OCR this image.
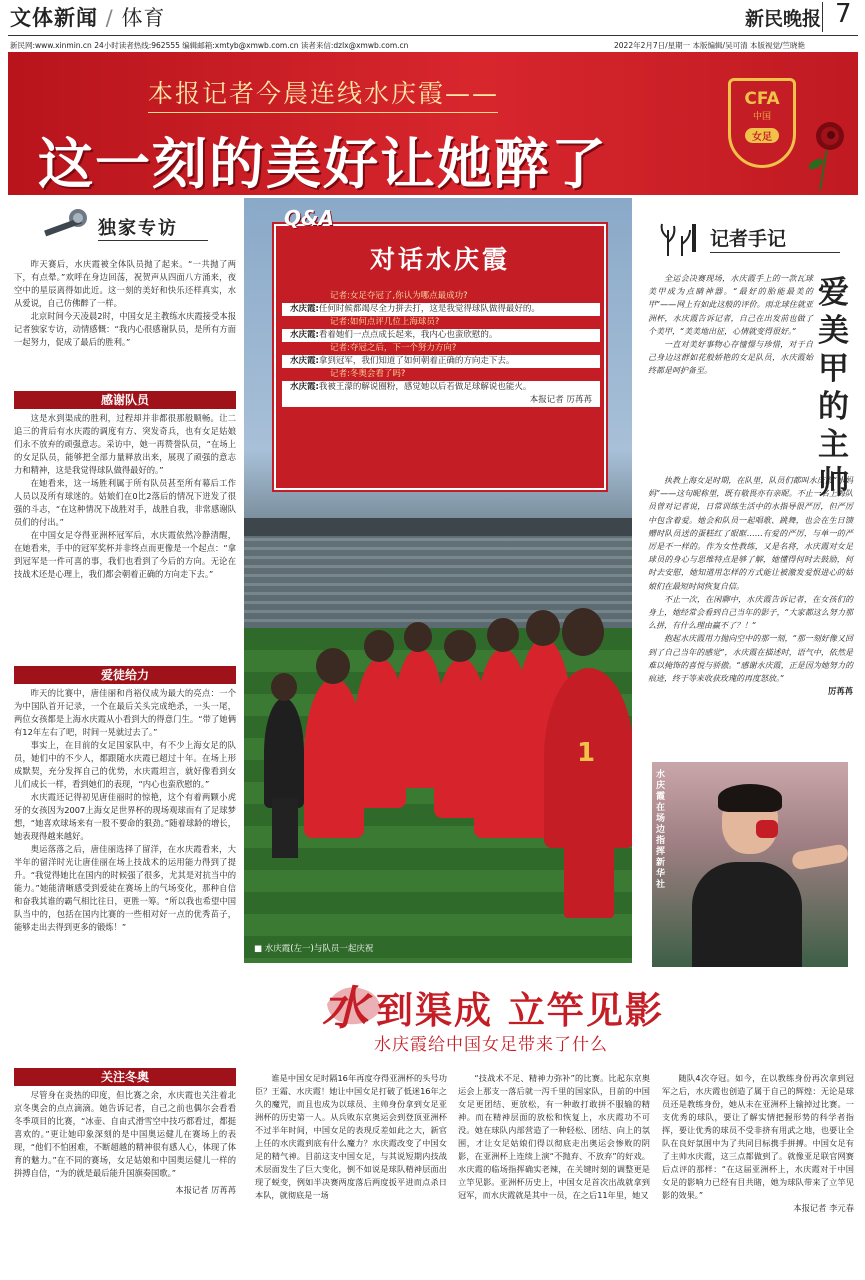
文体新闻 / 体育	新民晚报 7
新民网:www.xinmin.cn 24小时读者热线:962555 编辑邮箱:xmtyb@xmwb.com.cn 读者来信:dzlx@xmwb.com.cn	2022年2月7日/星期一 本版编辑/吴可清 本版视觉/竺晓艳
本报记者今晨连线水庆霞——
这一刻的美好让她醉了
CFA
中国
女足
独家专访

昨天赛后，水庆霞被全体队员抛了起来。“一共抛了两下，有点晕。”欢呼在身边回荡，祝贺声从四面八方涌来，夜空中的星辰离得如此近。这一刻的美好和快乐还样真实，水从爱说，自己仿佛醉了一样。

北京时间今天凌晨2时，中国女足主教练水庆霞接受本报记者独家专访，动情感慨：“我内心很感谢队员，是所有方面一起努力，促成了最后的胜利。”

感谢队员

这是水到渠成的胜利，过程却并非都很那般顺畅。让二追三的背后有水庆霞的调度有方、突发奇兵，也有女足姑娘们永不放弃的顽强意志。采访中，她一再赞誉队员，“在场上的女足队员，能够把全部力量释放出来，展现了顽强的意志力和精神，这是我觉得球队做得最好的。”

在她看来，这一场胜利属于所有队员甚至所有幕后工作人员以及所有球迷的。姑娘们在0比2落后的情况下迸发了很强的斗志，“在这种情况下战胜对手，战胜自我，非常感谢队员们的付出。”

在中国女足夺得亚洲杯冠军后，水庆霞依然冷静清醒，在她看来，手中的冠军奖杯并非终点而更像是一个起点：“拿到冠军是一件可喜的事，我们也看到了今后的方向。无论在技战术还是心理上，我们都会朝着正确的方向走下去。”

爱徒给力

昨天的比赛中，唐佳丽和肖裕仪成为最大的亮点：一个为中国队首开记录，一个在最后关头完成绝杀，一头一尾，两位女孩都是上海水庆霞从小看到大的得意门生。“带了她俩有12年左右了吧，时间一晃就过去了。”

事实上，在目前的女足国家队中，有不少上海女足的队员，她们中的不少人，都跟随水庆霞已超过十年。在场上形成默契，充分发挥自己的优势，水庆霞坦言，就好像看到女儿们成长一样，看到她们的表现，“内心也蛮欣慰的。”

水庆霞还记得初见唐佳丽时的惊艳，这个有着两颗小虎牙的女孩因为2007上海女足世界杯的现场观球而有了足球梦想，“她喜欢球场来有一股不要命的狠劲。”随着球龄的增长，她表现得越来越好。

奥运落落之后，唐佳丽选择了留洋，在水庆霞看来，大半年的留洋时光让唐佳丽在场上技战术的运用能力得到了提升。“我觉得她比在国内的时候强了很多，尤其是对抗当中的能力。”她能清晰感受到爱徒在赛场上的气场变化，那种自信和奋我其谁的霸气相比往日，更胜一筹。“所以我也希望中国队当中的，包括在国内比赛的一些相对好一点的优秀苗子，能够走出去得到更多的锻炼！”

关注冬奥

尽管身在炎热的印度，但比赛之余，水庆霞也关注着北京冬奥会的点点滴滴。她告诉记者，自己之前也偶尔会看看冬季项目的比赛，“冰壶、自由式滑雪空中技巧都看过，都挺喜欢的。”更让她印象深刻的是中国奥运健儿在赛场上的表现，“他们不怕困难，不断超越的精神很有感人心，体现了体育的魅力。”在不同的赛场，女足姑娘和中国奥运健儿一样的拼搏自信，“为的就是最后能升国旗奏国歌。”

本报记者 厉苒苒
1
■ 水庆霞(左一)与队员一起庆祝
Q&A
对话水庆霞
记者:女足夺冠了,你认为哪点最成功?
水庆霞:任何时候都竭尽全力拼去打，这是我觉得球队做得最好的。
记者:如何点评几位上海球员?
水庆霞:看着她们一点点成长起来，我内心也蛮欣慰的。
记者:夺冠之后，下一个努力方向?
水庆霞:拿到冠军，我们知道了如何朝着正确的方向走下去。
记者:冬奥会看了吗?
水庆霞:我被王濛的解说圈粉，感觉她以后若做足球解说也能火。
本报记者 厉苒苒
记者手记
爱美甲的主帅

全运会决赛现场，水庆霞手上的一款瓦球美甲成为点睛神器。“最好的胎能最美的甲”——网上有如此这般的评价。雨北球住就亚洲杯，水庆霞告诉记者，自己在出发前也做了个美甲，“美美地出征，心情就变得很好。”

一直对美好事物心存憧憬与珍惜，对于自己身边这群如花般娇艳的女足队员，水庆霞始终都是呵护备至。

执教上海女足时期，在队里，队员们都叫水庆霞“水妈妈”——这句昵称里，既有敬畏亦有亲昵。不止一名上海队员曾对记者说，日常训练生活中的水指导很严厉，但严厉中包含着爱。她会和队员一起唱歌、跳舞，也会在生日馈赠时队员送的蛋糕红了眼眶……有爱的严厉，与单一的严厉是不一样的。作为女性教练，又是名将，水庆霞对女足球员的身心与思维特点是够了解，她懂得何时去鼓励，何时去安慰，她知道用怎样的方式能让被激发爱恨进心的姑娘们在最短时间恢复自信。

不止一次，在闲聊中，水庆霞告诉记者，在女孩们的身上，她经常会看到自己当年的影子，“大家都这么努力那么拼，有什么理由赢不了？！”

抱起水庆霞用力抛向空中的那一刻，“那一刻好像又回到了自己当年的感觉”，水庆霞在描述时，语气中，依然是难以掩饰的喜悦与骄傲。“感谢水庆霞，正是因为她努力的痕迹，终于等来收获玫瑰的再度怒放。”

厉苒苒
水庆霞在场边指挥 新华社
水 到渠成 立竿见影
水庆霞给中国女足带来了什么

谁是中国女足时隔16年再度夺得亚洲杯的头号功臣？王霜、水庆霞！她让中国女足打破了低迷16年之久的魔咒，而且也成为以球员、主帅身份拿到女足亚洲杯的历史第一人。从兵败东京奥运会到登顶亚洲杯不过半年时间，中国女足的表现反差如此之大，新官上任的水庆霞到底有什么魔力？水庆霞改变了中国女足的精气神。目前这支中国女足，与其说短期内技战术层面发生了巨大变化，倒不如说是球队精神层面出现了蜕变，例如半决赛两度落后两度扳平进而点杀日本队，就彻底是一场

“技战术不足、精神力弥补”的比赛。比起东京奥运会上那支一落后就一泻千里的国家队，目前的中国女足更团结、更放松，有一种敢打敢拼不服输的精神。而在精神层面的放松和恢复上，水庆霞功不可没。她在球队内部营造了一种轻松、团结、向上的氛围，才让女足姑娘们得以彻底走出奥运会惨败的阴影，在亚洲杯上连续上演“不抛弃、不放弃”的好戏。水庆霞的临场指挥确实老辣，在关键时刻的调整更是立竿见影。亚洲杯历史上，中国女足首次出战就拿到冠军，而水庆霞就是其中一员，在之后11年里，她又

随队4次夺冠。如今，在以教练身份再次拿到冠军之后，水庆霞也创造了属于自己的辉煌：无论是球员还是教练身份，她从未在亚洲杯上输掉过比赛。一支优秀的球队，要让了解实情把握形势的科学者指挥，要让优秀的球员不受非挤有用武之地，也要让全队在良好氛围中为了共同目标携手拼搏。中国女足有了主帅水庆霞，这三点都做到了。就像亚足联官网赛后点评的那样：“在这届亚洲杯上，水庆霞对于中国女足的影响力已经有目共睹，她为球队带来了立竿见影的效果。”

本报记者 李元春
